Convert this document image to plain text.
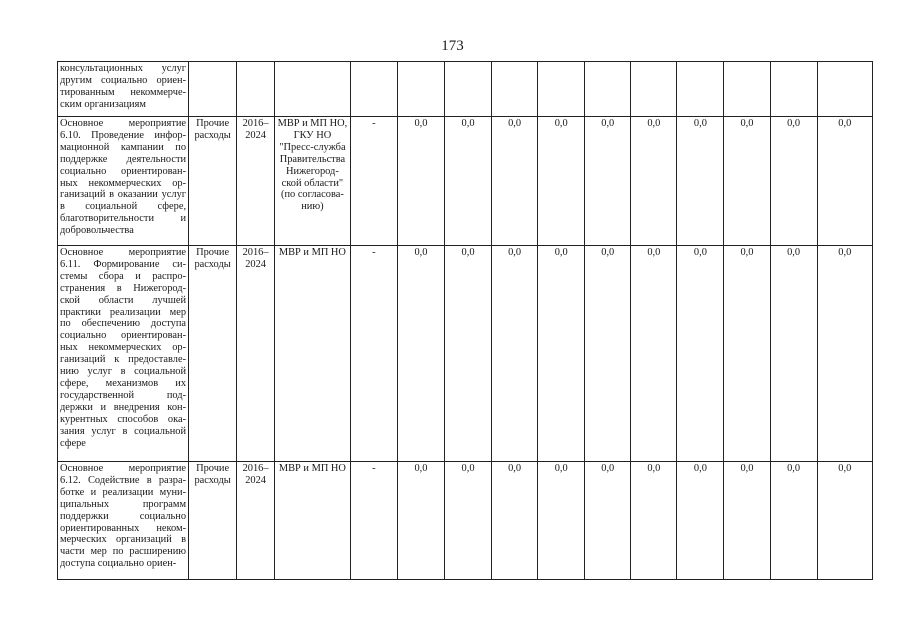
173
консультационных услуг другим социально ориен-тированным некоммерче-ским организациям														
Основное мероприятие 6.10. Проведение инфор-мационной кампании по поддержке деятельности социально ориентирован-ных некоммерческих ор-ганизаций в оказании услуг в социальной сфере, благотворительности и добровольчества	Прочие расходы	2016–2024	МВР и МП НО, ГКУ НО "Пресс-служба Правительства Нижегород-ской области" (по согласова-нию)	-	0,0	0,0	0,0	0,0	0,0	0,0	0,0	0,0	0,0	0,0
Основное мероприятие 6.11. Формирование си-стемы сбора и распро-странения в Нижегород-ской области лучшей практики реализации мер по обеспечению доступа социально ориентирован-ных некоммерческих ор-ганизаций к предоставле-нию услуг в социальной сфере, механизмов их государственной под-держки и внедрения кон-курентных способов ока-зания услуг в социальной сфере	Прочие расходы	2016–2024	МВР и МП НО	-	0,0	0,0	0,0	0,0	0,0	0,0	0,0	0,0	0,0	0,0
Основное мероприятие 6.12. Содействие в разра-ботке и реализации муни-ципальных программ поддержки социально ориентированных неком-мерческих организаций в части мер по расширению доступа социально ориен-	Прочие расходы	2016–2024	МВР и МП НО	-	0,0	0,0	0,0	0,0	0,0	0,0	0,0	0,0	0,0	0,0
